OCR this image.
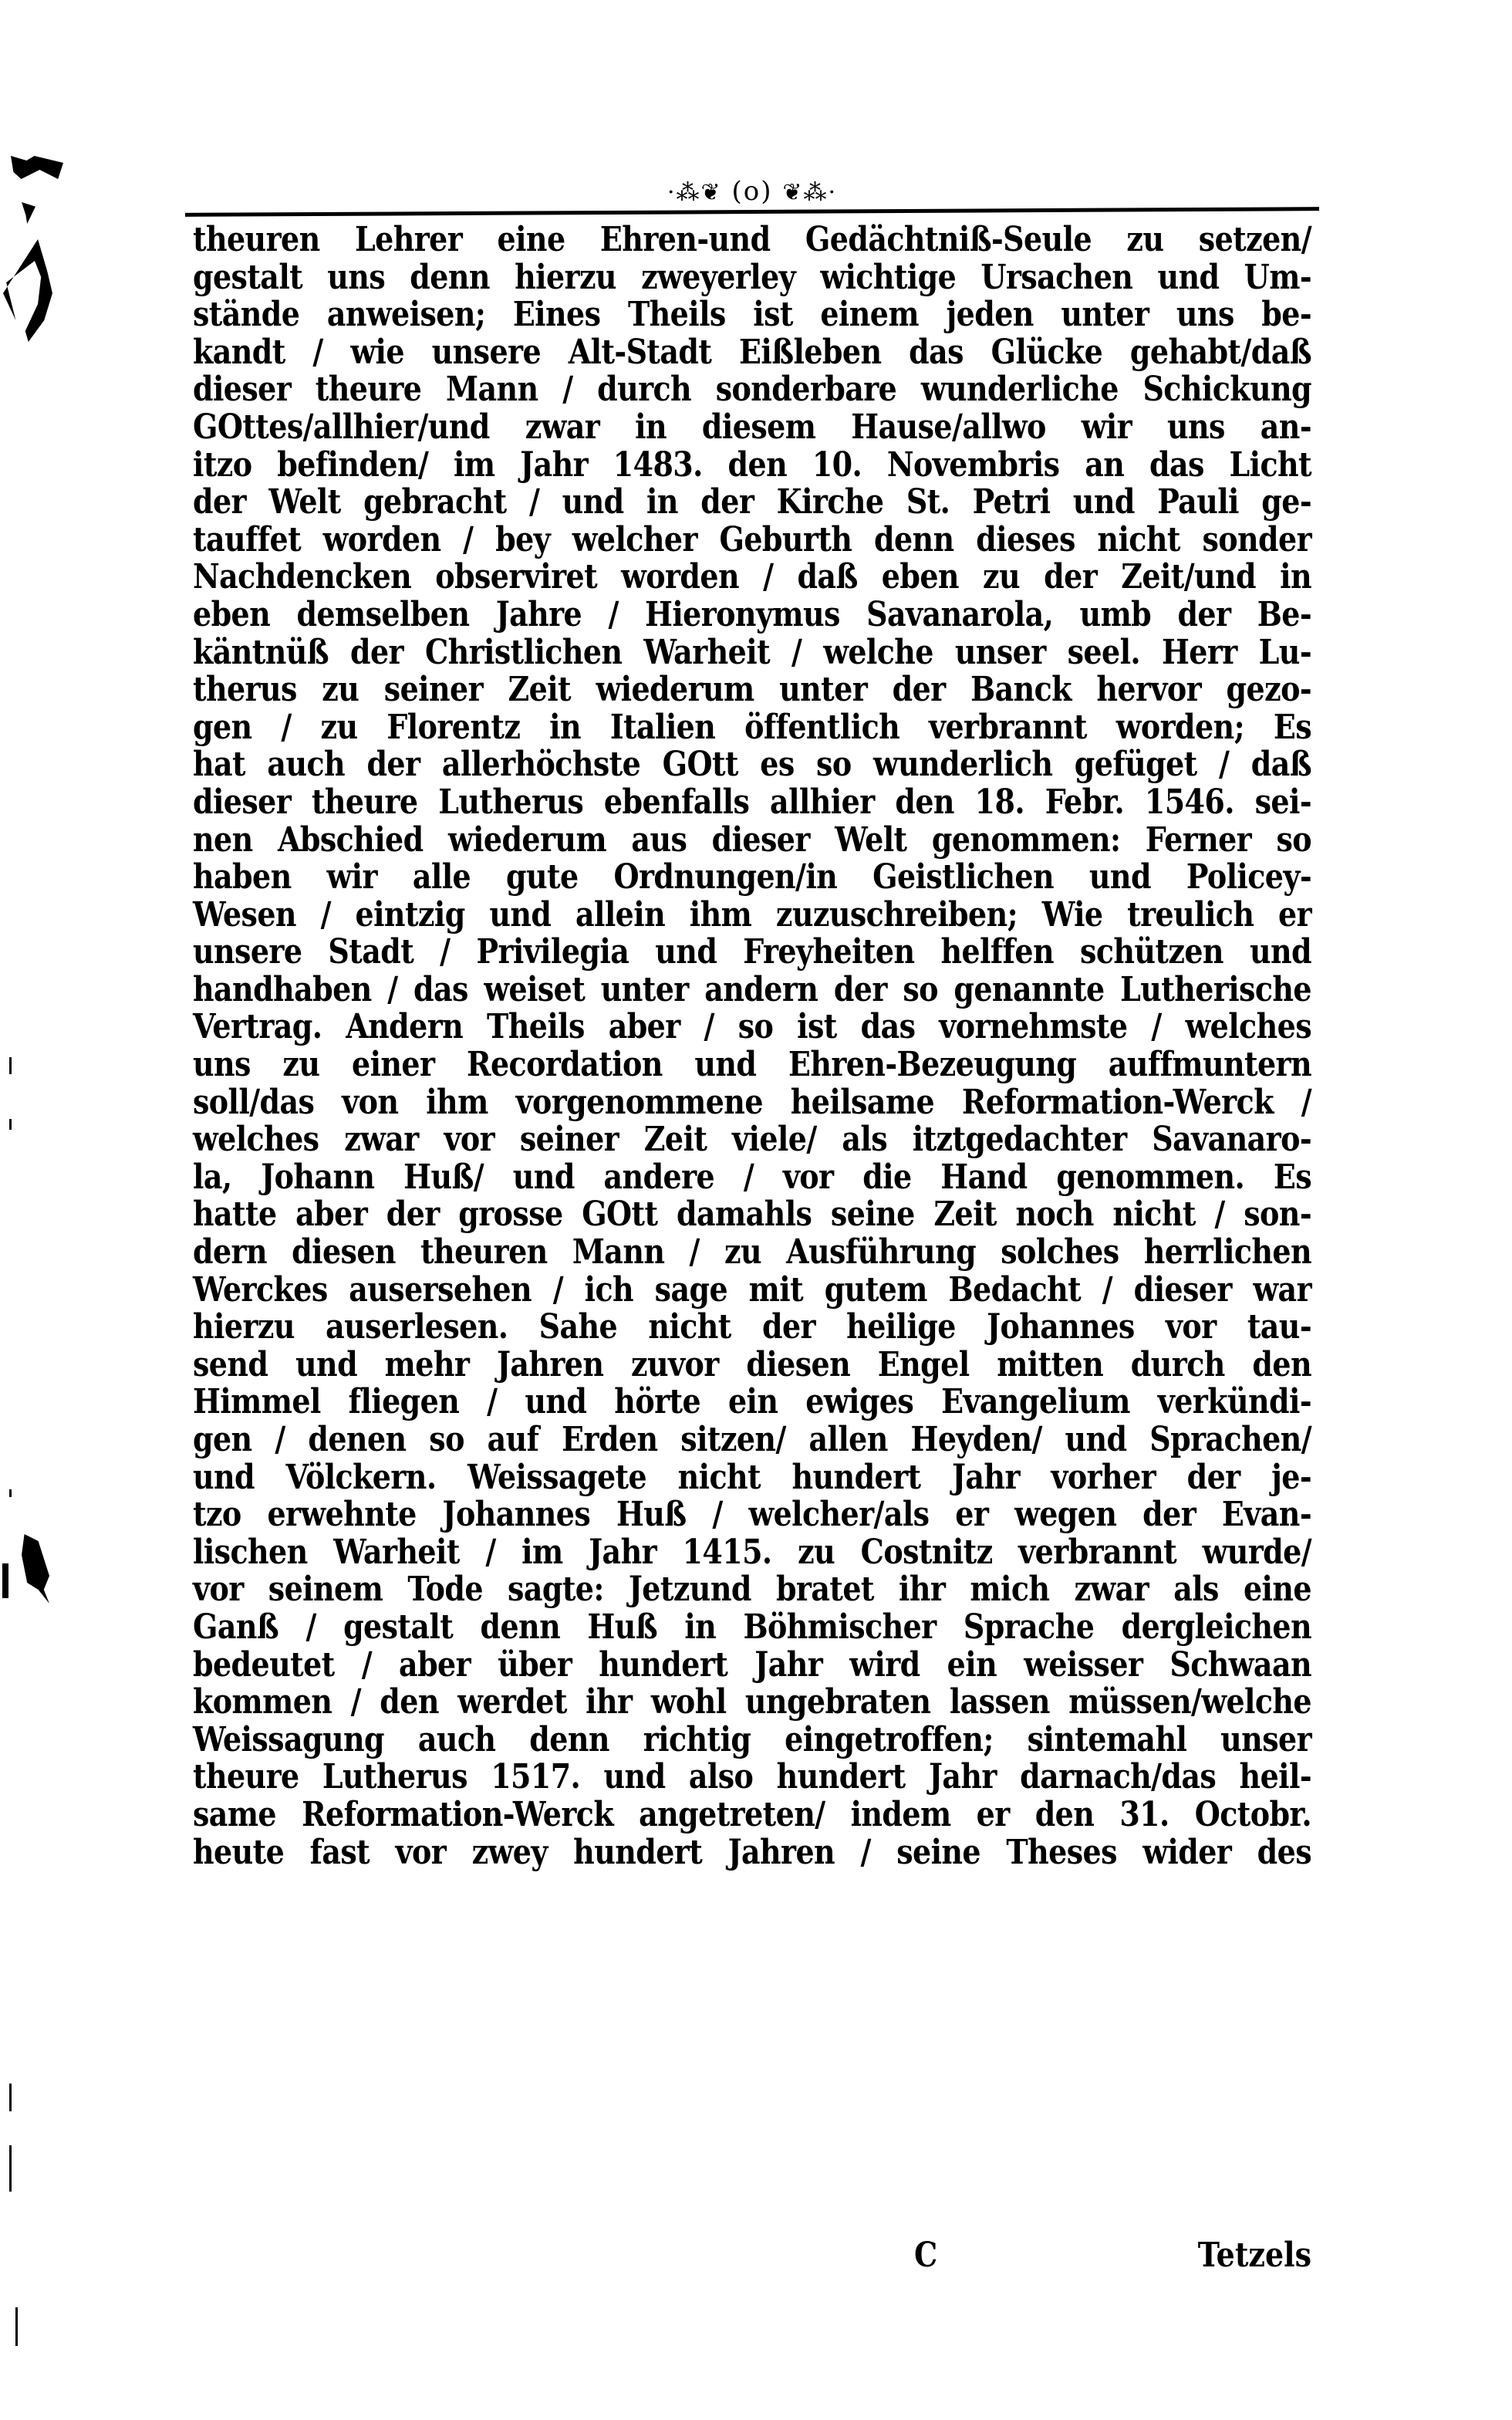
·⁂❦ (o) ❦⁂·
theuren Lehrer eine Ehren-und Gedächtniß-Seule zu setzen/
gestalt uns denn hierzu zweyerley wichtige Ursachen und Um-
stände anweisen; Eines Theils ist einem jeden unter uns be-
kandt / wie unsere Alt-Stadt Eißleben das Glücke gehabt/daß
dieser theure Mann / durch sonderbare wunderliche Schickung
GOttes/allhier/und zwar in diesem Hause/allwo wir uns an-
itzo befinden/ im Jahr 1483. den 10. Novembris an das Licht
der Welt gebracht / und in der Kirche St. Petri und Pauli ge-
tauffet worden / bey welcher Geburth denn dieses nicht sonder
Nachdencken observiret worden / daß eben zu der Zeit/und in
eben demselben Jahre / Hieronymus Savanarola, umb der Be-
käntnüß der Christlichen Warheit / welche unser seel. Herr Lu-
therus zu seiner Zeit wiederum unter der Banck hervor gezo-
gen / zu Florentz in Italien öffentlich verbrannt worden; Es
hat auch der allerhöchste GOtt es so wunderlich gefüget / daß
dieser theure Lutherus ebenfalls allhier den 18. Febr. 1546. sei-
nen Abschied wiederum aus dieser Welt genommen: Ferner so
haben wir alle gute Ordnungen/in Geistlichen und Policey-
Wesen / eintzig und allein ihm zuzuschreiben; Wie treulich er
unsere Stadt / Privilegia und Freyheiten helffen schützen und
handhaben / das weiset unter andern der so genannte Lutherische
Vertrag. Andern Theils aber / so ist das vornehmste / welches
uns zu einer Recordation und Ehren-Bezeugung auffmuntern
soll/das von ihm vorgenommene heilsame Reformation-Werck /
welches zwar vor seiner Zeit viele/ als itztgedachter Savanaro-
la, Johann Huß/ und andere / vor die Hand genommen. Es
hatte aber der grosse GOtt damahls seine Zeit noch nicht / son-
dern diesen theuren Mann / zu Ausführung solches herrlichen
Werckes ausersehen / ich sage mit gutem Bedacht / dieser war
hierzu auserlesen. Sahe nicht der heilige Johannes vor tau-
send und mehr Jahren zuvor diesen Engel mitten durch den
Himmel fliegen / und hörte ein ewiges Evangelium verkündi-
gen / denen so auf Erden sitzen/ allen Heyden/ und Sprachen/
und Völckern. Weissagete nicht hundert Jahr vorher der je-
tzo erwehnte Johannes Huß / welcher/als er wegen der Evan-
lischen Warheit / im Jahr 1415. zu Costnitz verbrannt wurde/
vor seinem Tode sagte: Jetzund bratet ihr mich zwar als eine
Ganß / gestalt denn Huß in Böhmischer Sprache dergleichen
bedeutet / aber über hundert Jahr wird ein weisser Schwaan
kommen / den werdet ihr wohl ungebraten lassen müssen/welche
Weissagung auch denn richtig eingetroffen; sintemahl unser
theure Lutherus 1517. und also hundert Jahr darnach/das heil-
same Reformation-Werck angetreten/ indem er den 31. Octobr.
heute fast vor zwey hundert Jahren / seine Theses wider des
C	Tetzels
